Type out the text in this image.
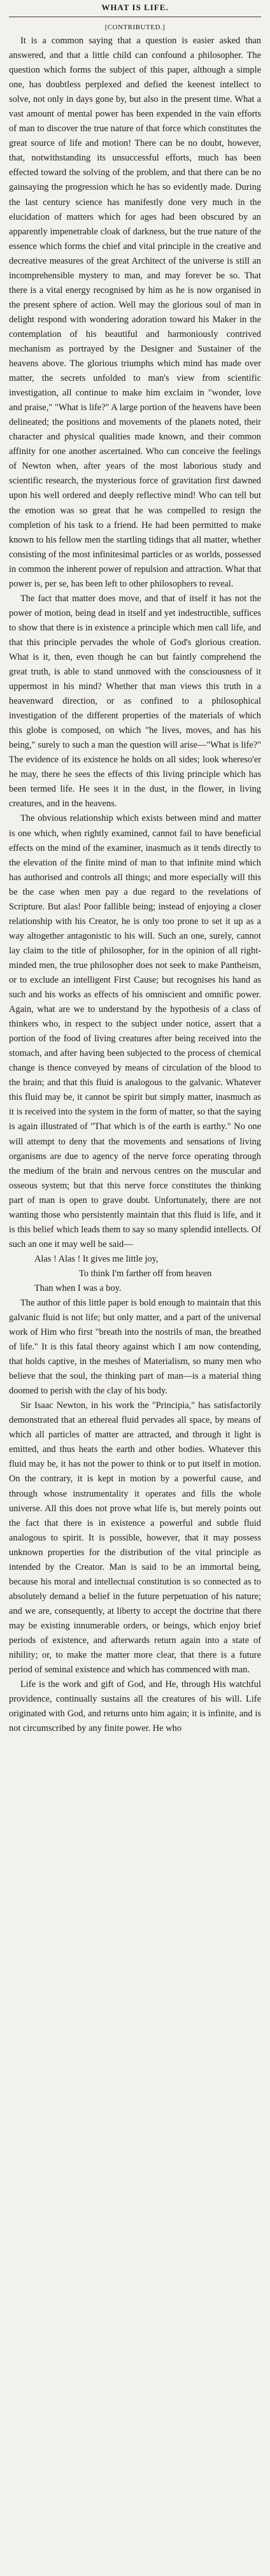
WHAT IS LIFE.
[CONTRIBUTED.]

It is a common saying that a question is easier asked than answered, and that a little child can confound a philosopher. The question which forms the subject of this paper, although a simple one, has doubtless perplexed and defied the keenest intellect to solve, not only in days gone by, but also in the present time. What a vast amount of mental power has been expended in the vain efforts of man to discover the true nature of that force which constitutes the great source of life and motion! There can be no doubt, however, that, notwithstanding its unsuccessful efforts, much has been effected toward the solving of the problem, and that there can be no gainsaying the progression which he has so evidently made. During the last century science has manifestly done very much in the elucidation of matters which for ages had been obscured by an apparently impenetrable cloak of darkness, but the true nature of the essence which forms the chief and vital principle in the creative and decreative measures of the great Architect of the universe is still an incomprehensible mystery to man, and may forever be so. That there is a vital energy recognised by him as he is now organised in the present sphere of action. Well may the glorious soul of man in delight respond with wondering adoration toward his Maker in the contemplation of his beautiful and harmoniously contrived mechanism as portrayed by the Designer and Sustainer of the heavens above. The glorious triumphs which mind has made over matter, the secrets unfolded to man's view from scientific investigation, all continue to make him exclaim in "wonder, love and praise," "What is life?" A large portion of the heavens have been delineated; the positions and movements of the planets noted, their character and physical qualities made known, and their common affinity for one another ascertained. Who can conceive the feelings of Newton when, after years of the most laborious study and scientific research, the mysterious force of gravitation first dawned upon his well ordered and deeply reflective mind! Who can tell but the emotion was so great that he was compelled to resign the completion of his task to a friend. He had been permitted to make known to his fellow men the startling tidings that all matter, whether consisting of the most infinitesimal particles or as worlds, possessed in common the inherent power of repulsion and attraction. What that power is, per se, has been left to other philosophers to reveal.

The fact that matter does move, and that of itself it has not the power of motion, being dead in itself and yet indestructible, suffices to show that there is in existence a principle which men call life, and that this principle pervades the whole of God's glorious creation. What is it, then, even though he can but faintly comprehend the great truth, is able to stand unmoved with the consciousness of it uppermost in his mind? Whether that man views this truth in a heavenward direction, or as confined to a philosophical investigation of the different properties of the materials of which this globe is composed, on which "he lives, moves, and has his being," surely to such a man the question will arise—"What is life?" The evidence of its existence he holds on all sides; look whereso'er he may, there he sees the effects of this living principle which has been termed life. He sees it in the dust, in the flower, in living creatures, and in the heavens.

The obvious relationship which exists between mind and matter is one which, when rightly examined, cannot fail to have beneficial effects on the mind of the examiner, inasmuch as it tends directly to the elevation of the finite mind of man to that infinite mind which has authorised and controls all things; and more especially will this be the case when men pay a due regard to the revelations of Scripture. But alas! Poor fallible being; instead of enjoying a closer relationship with his Creator, he is only too prone to set it up as a way altogether antagonistic to his will. Such an one, surely, cannot lay claim to the title of philosopher, for in the opinion of all right-minded men, the true philosopher does not seek to make Pantheism, or to exclude an intelligent First Cause; but recognises his hand as such and his works as effects of his omniscient and omnific power. Again, what are we to understand by the hypothesis of a class of thinkers who, in respect to the subject under notice, assert that a portion of the food of living creatures after being received into the stomach, and after having been subjected to the process of chemical change is thence conveyed by means of circulation of the blood to the brain; and that this fluid is analogous to the galvanic. Whatever this fluid may be, it cannot be spirit but simply matter, inasmuch as it is received into the system in the form of matter, so that the saying is again illustrated of "That which is of the earth is earthy." No one will attempt to deny that the movements and sensations of living organisms are due to agency of the nerve force operating through the medium of the brain and nervous centres on the muscular and osseous system; but that this nerve force constitutes the thinking part of man is open to grave doubt. Unfortunately, there are not wanting those who persistently maintain that this fluid is life, and it is this belief which leads them to say so many splendid intellects. Of such an one it may well be said—

Alas ! Alas ! It gives me little joy,
To think I'm farther off from heaven
Than when I was a boy.

The author of this little paper is bold enough to maintain that this galvanic fluid is not life; but only matter, and a part of the universal work of Him who first "breath into the nostrils of man, the breathed of life." It is this fatal theory against which I am now contending, that holds captive, in the meshes of Materialism, so many men who believe that the soul, the thinking part of man—is a material thing doomed to perish with the clay of his body.

Sir Isaac Newton, in his work the "Principia," has satisfactorily demonstrated that an ethereal fluid pervades all space, by means of which all particles of matter are attracted, and through it light is emitted, and thus heats the earth and other bodies. Whatever this fluid may be, it has not the power to think or to put itself in motion. On the contrary, it is kept in motion by a powerful cause, and through whose instrumentality it operates and fills the whole universe. All this does not prove what life is, but merely points out the fact that there is in existence a powerful and subtle fluid analogous to spirit. It is possible, however, that it may possess unknown properties for the distribution of the vital principle as intended by the Creator. Man is said to be an immortal being, because his moral and intellectual constitution is so connected as to absolutely demand a belief in the future perpetuation of his nature; and we are, consequently, at liberty to accept the doctrine that there may be existing innumerable orders, or beings, which enjoy brief periods of existence, and afterwards return again into a state of nihility; or, to make the matter more clear, that there is a future period of seminal existence and which has commenced with man.

Life is the work and gift of God, and He, through His watchful providence, continually sustains all the creatures of his will. Life originated with God, and returns unto him again; it is infinite, and is not circumscribed by any finite power. He who
